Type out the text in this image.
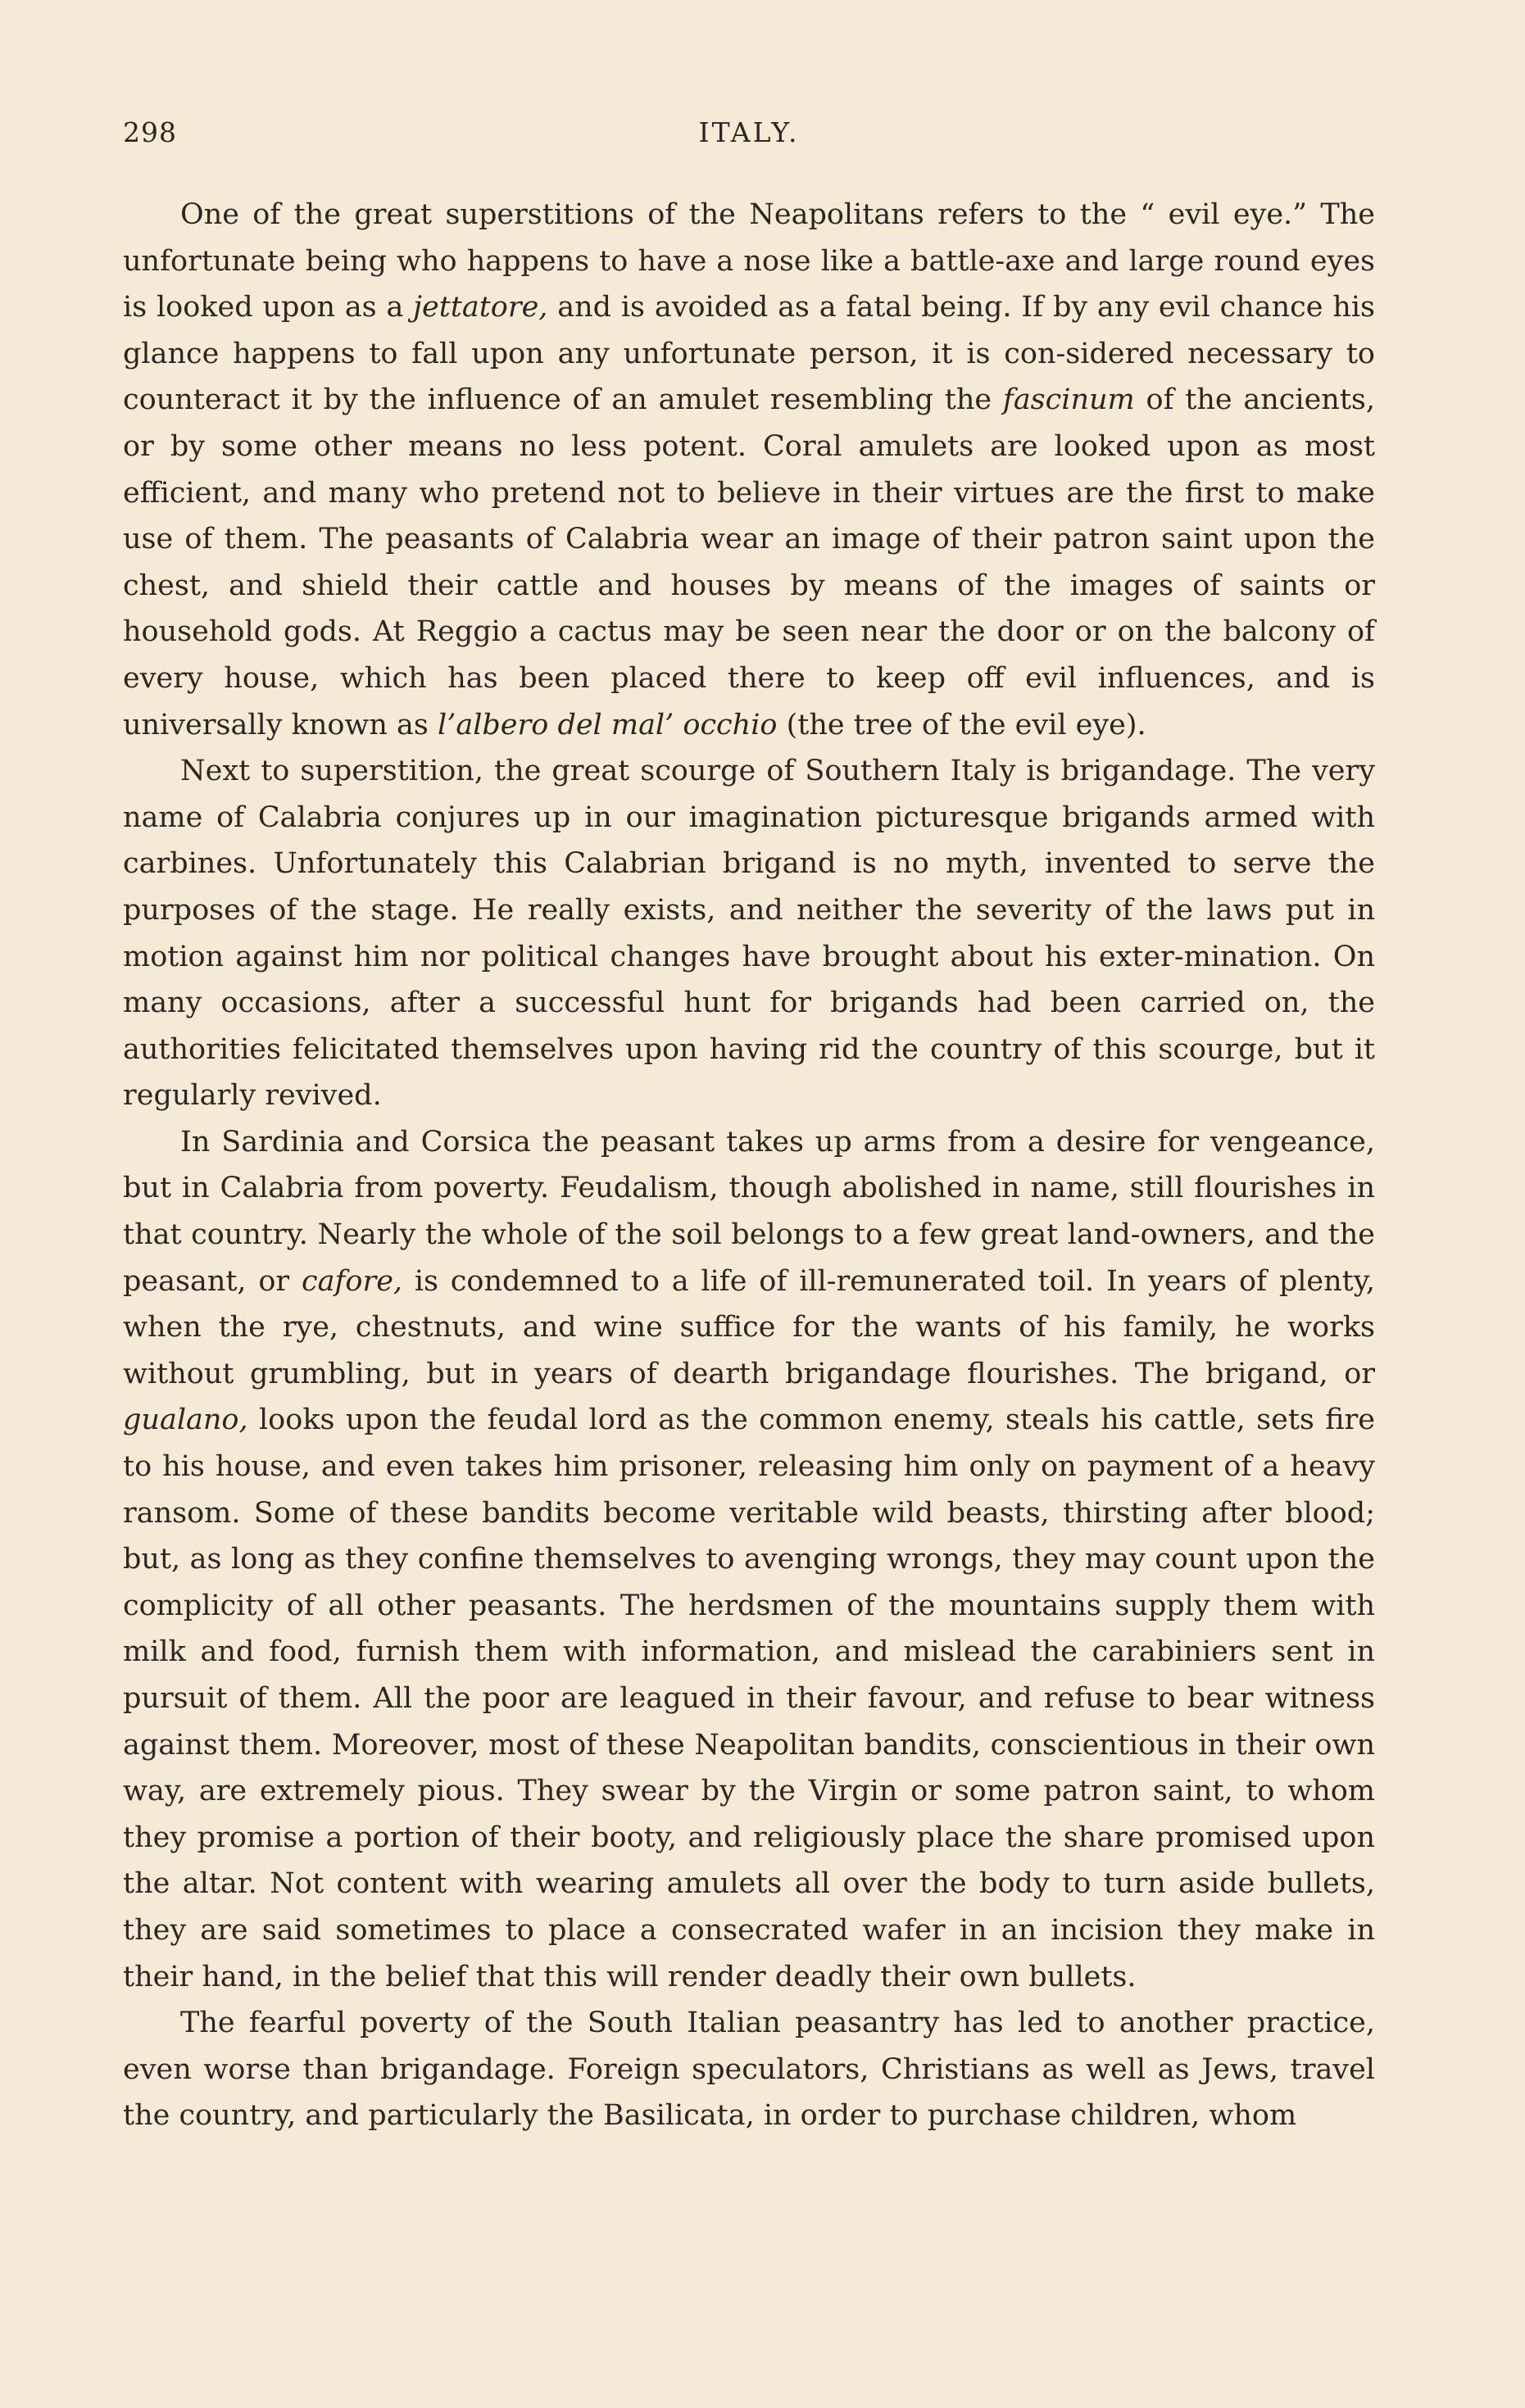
298	ITALY.

One of the great superstitions of the Neapolitans refers to the “ evil eye.” The unfortunate being who happens to have a nose like a battle-axe and large round eyes is looked upon as a jettatore, and is avoided as a fatal being. If by any evil chance his glance happens to fall upon any unfortunate person, it is con-sidered necessary to counteract it by the influence of an amulet resembling the fascinum of the ancients, or by some other means no less potent. Coral amulets are looked upon as most efficient, and many who pretend not to believe in their virtues are the first to make use of them. The peasants of Calabria wear an image of their patron saint upon the chest, and shield their cattle and houses by means of the images of saints or household gods. At Reggio a cactus may be seen near the door or on the balcony of every house, which has been placed there to keep off evil influences, and is universally known as l’albero del mal’ occhio (the tree of the evil eye).

Next to superstition, the great scourge of Southern Italy is brigandage. The very name of Calabria conjures up in our imagination picturesque brigands armed with carbines. Unfortunately this Calabrian brigand is no myth, invented to serve the purposes of the stage. He really exists, and neither the severity of the laws put in motion against him nor political changes have brought about his exter-mination. On many occasions, after a successful hunt for brigands had been carried on, the authorities felicitated themselves upon having rid the country of this scourge, but it regularly revived.

In Sardinia and Corsica the peasant takes up arms from a desire for vengeance, but in Calabria from poverty. Feudalism, though abolished in name, still flourishes in that country. Nearly the whole of the soil belongs to a few great land-owners, and the peasant, or cafore, is condemned to a life of ill-remunerated toil. In years of plenty, when the rye, chestnuts, and wine suffice for the wants of his family, he works without grumbling, but in years of dearth brigandage flourishes. The brigand, or gualano, looks upon the feudal lord as the common enemy, steals his cattle, sets fire to his house, and even takes him prisoner, releasing him only on payment of a heavy ransom. Some of these bandits become veritable wild beasts, thirsting after blood; but, as long as they confine themselves to avenging wrongs, they may count upon the complicity of all other peasants. The herdsmen of the mountains supply them with milk and food, furnish them with information, and mislead the carabiniers sent in pursuit of them. All the poor are leagued in their favour, and refuse to bear witness against them. Moreover, most of these Neapolitan bandits, conscientious in their own way, are extremely pious. They swear by the Virgin or some patron saint, to whom they promise a portion of their booty, and religiously place the share promised upon the altar. Not content with wearing amulets all over the body to turn aside bullets, they are said sometimes to place a consecrated wafer in an incision they make in their hand, in the belief that this will render deadly their own bullets.

The fearful poverty of the South Italian peasantry has led to another practice, even worse than brigandage. Foreign speculators, Christians as well as Jews, travel the country, and particularly the Basilicata, in order to purchase children, whom
